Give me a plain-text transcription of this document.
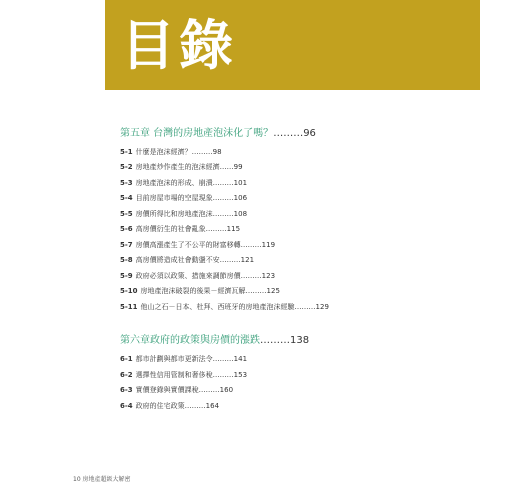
目錄
第五章 台灣的房地產泡沫化了嗎？………96
5-1 什麼是泡沫經濟？………98
5-2 房地產炒作產生的泡沫經濟……99
5-3 房地產泡沫的形成、崩潰………101
5-4 目前房屋市場的空屋現象………106
5-5 房價所得比和房地產泡沫………108
5-6 高房價衍生的社會亂象………115
5-7 房價高漲產生了不公平的財富移轉………119
5-8 高房價將造成社會動盪不安………121
5-9 政府必須以政策、措施來調節房價………123
5-10 房地產泡沫破裂的後果－經濟瓦解………125
5-11 他山之石－日本、杜拜、西班牙的房地產泡沫經驗………129
第六章政府的政策與房價的漲跌………138
6-1 都市計劃與都市更新法令………141
6-2 選擇性信用管制和奢侈稅………153
6-3 實價登錄與實價課稅………160
6-4 政府的住宅政策………164
10 房地產超級大解密
